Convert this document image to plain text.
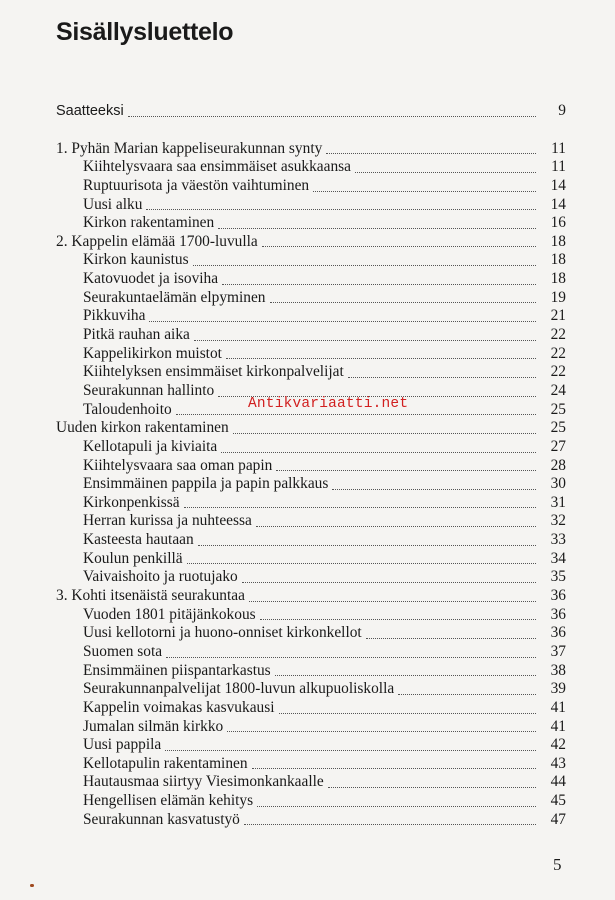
Sisällysluettelo
Saatteeksi	9
1. Pyhän Marian kappeliseurakunnan synty	11
Kiihtelysvaara saa ensimmäiset asukkaansa	11
Ruptuurisota ja väestön vaihtuminen	14
Uusi alku	14
Kirkon rakentaminen	16
2. Kappelin elämää 1700-luvulla	18
Kirkon kaunistus	18
Katovuodet ja isoviha	18
Seurakuntaelämän elpyminen	19
Pikkuviha	21
Pitkä rauhan aika	22
Kappelikirkon muistot	22
Kiihtelyksen ensimmäiset kirkonpalvelijat	22
Seurakunnan hallinto	24
Taloudenhoito	25
Uuden kirkon rakentaminen	25
Kellotapuli ja kiviaita	27
Kiihtelysvaara saa oman papin	28
Ensimmäinen pappila ja papin palkkaus	30
Kirkonpenkissä	31
Herran kurissa ja nuhteessa	32
Kasteesta hautaan	33
Koulun penkillä	34
Vaivaishoito ja ruotujako	35
3. Kohti itsenäistä seurakuntaa	36
Vuoden 1801 pitäjänkokous	36
Uusi kellotorni ja huono-onniset kirkonkellot	36
Suomen sota	37
Ensimmäinen piispantarkastus	38
Seurakunnanpalvelijat 1800-luvun alkupuoliskolla	39
Kappelin voimakas kasvukausi	41
Jumalan silmän kirkko	41
Uusi pappila	42
Kellotapulin rakentaminen	43
Hautausmaa siirtyy Viesimonkankaalle	44
Hengellisen elämän kehitys	45
Seurakunnan kasvatustyö	47
Antikvariaatti.net
5
